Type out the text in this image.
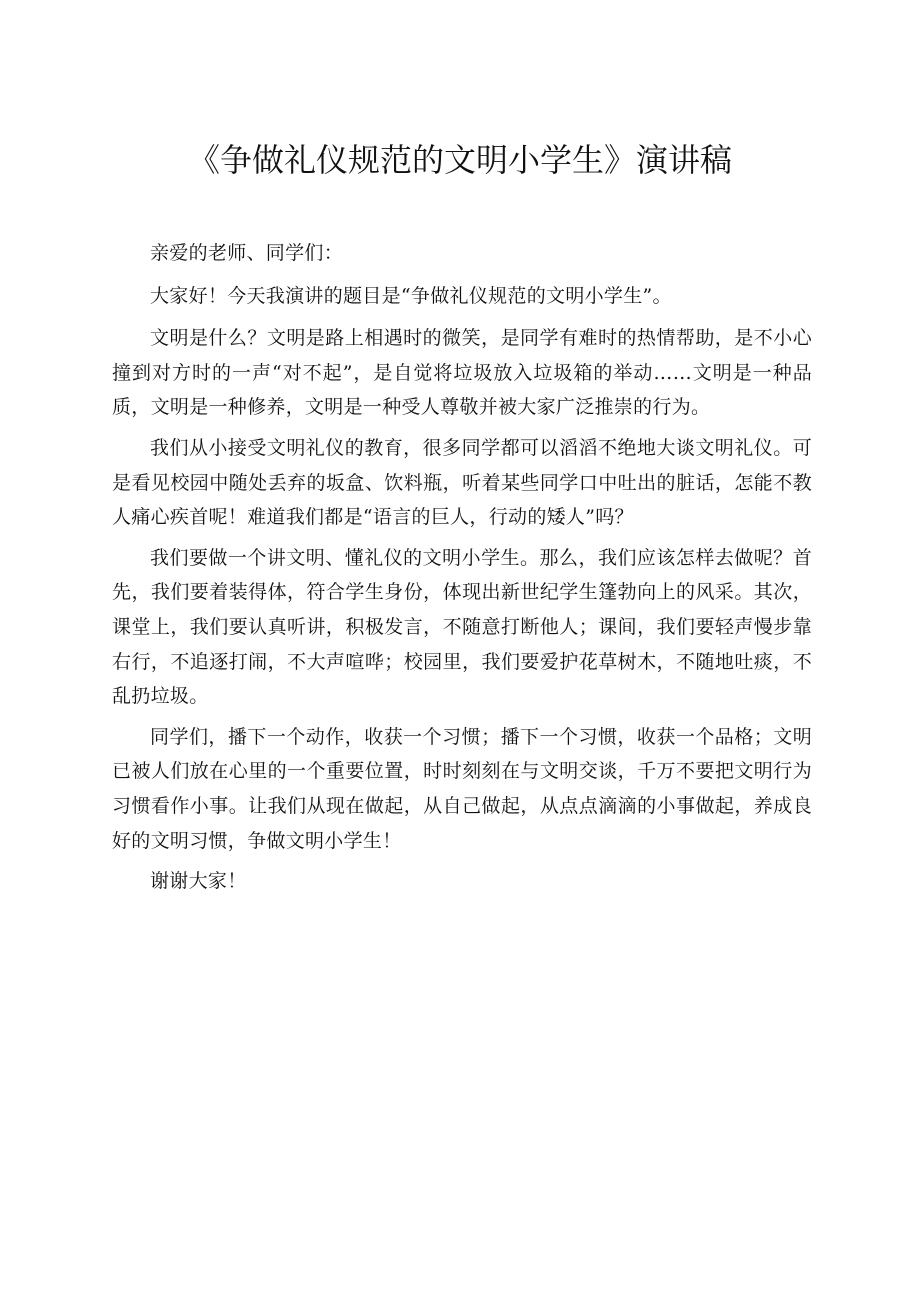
《争做礼仪规范的文明小学生》演讲稿

亲爱的老师、同学们：

大家好！今天我演讲的题目是“争做礼仪规范的文明小学生”。

文明是什么？文明是路上相遇时的微笑，是同学有难时的热情帮助，是不小心撞到对方时的一声“对不起”，是自觉将垃圾放入垃圾箱的举动……文明是一种品质，文明是一种修养，文明是一种受人尊敬并被大家广泛推崇的行为。

我们从小接受文明礼仪的教育，很多同学都可以滔滔不绝地大谈文明礼仪。可是看见校园中随处丢弃的坂盒、饮料瓶，听着某些同学口中吐出的脏话，怎能不教人痛心疾首呢！难道我们都是“语言的巨人，行动的矮人”吗？

我们要做一个讲文明、懂礼仪的文明小学生。那么，我们应该怎样去做呢？首先，我们要着装得体，符合学生身份，体现出新世纪学生篷勃向上的风采。其次，课堂上，我们要认真听讲，积极发言，不随意打断他人；课间，我们要轻声慢步靠右行，不追逐打闹，不大声喧哗；校园里，我们要爱护花草树木，不随地吐痰，不乱扔垃圾。

同学们，播下一个动作，收获一个习惯；播下一个习惯，收获一个品格；文明已被人们放在心里的一个重要位置，时时刻刻在与文明交谈，千万不要把文明行为习惯看作小事。让我们从现在做起，从自己做起，从点点滴滴的小事做起，养成良好的文明习惯，争做文明小学生！

谢谢大家！
